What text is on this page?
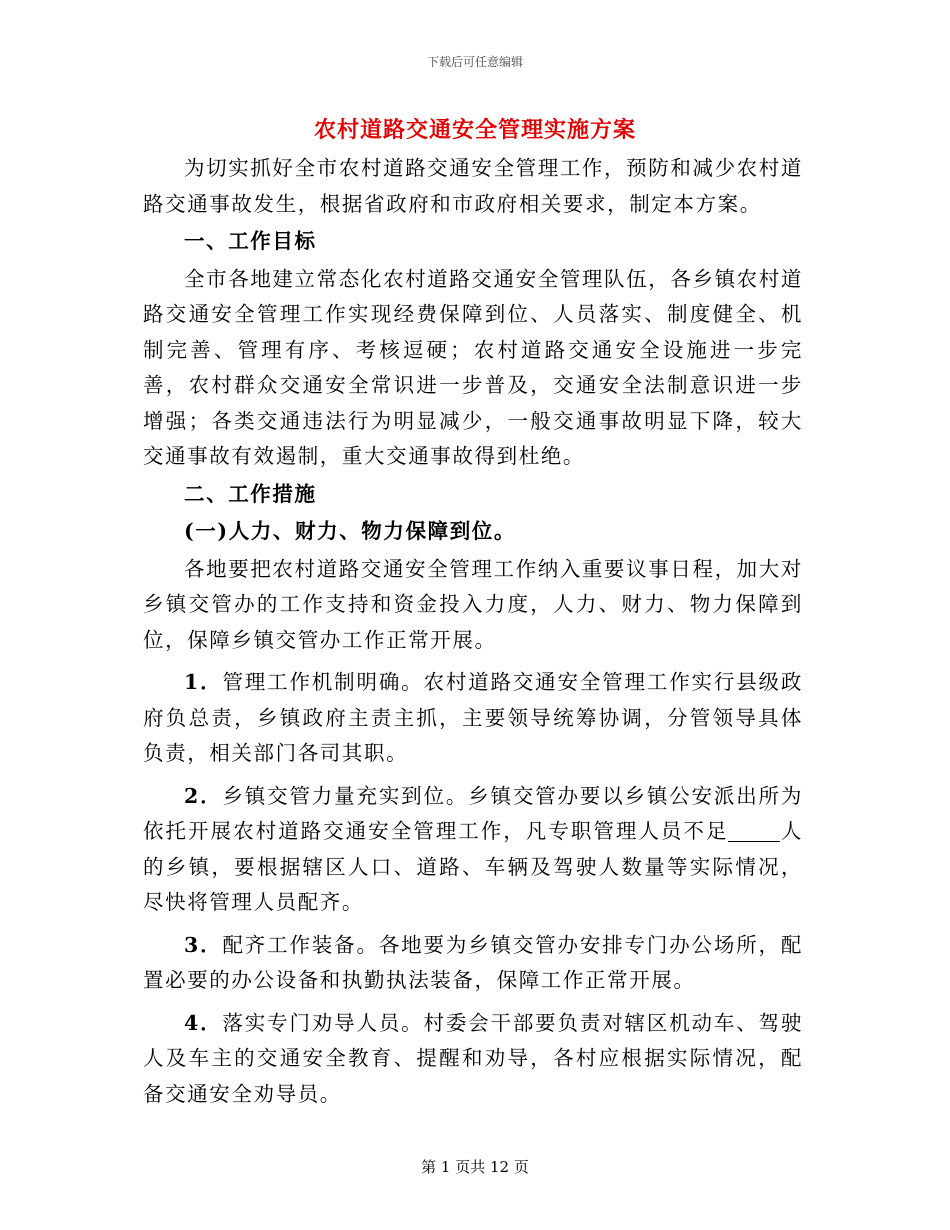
下载后可任意编辑
农村道路交通安全管理实施方案

为切实抓好全市农村道路交通安全管理工作，预防和减少农村道路交通事故发生，根据省政府和市政府相关要求，制定本方案。

一、工作目标

全市各地建立常态化农村道路交通安全管理队伍，各乡镇农村道路交通安全管理工作实现经费保障到位、人员落实、制度健全、机制完善、管理有序、考核逗硬；农村道路交通安全设施进一步完善，农村群众交通安全常识进一步普及，交通安全法制意识进一步增强；各类交通违法行为明显减少，一般交通事故明显下降，较大交通事故有效遏制，重大交通事故得到杜绝。

二、工作措施

(一)人力、财力、物力保障到位。

各地要把农村道路交通安全管理工作纳入重要议事日程，加大对乡镇交管办的工作支持和资金投入力度，人力、财力、物力保障到位，保障乡镇交管办工作正常开展。

1．管理工作机制明确。农村道路交通安全管理工作实行县级政府负总责，乡镇政府主责主抓，主要领导统筹协调，分管领导具体负责，相关部门各司其职。

2．乡镇交管力量充实到位。乡镇交管办要以乡镇公安派出所为依托开展农村道路交通安全管理工作，凡专职管理人员不足	人的乡镇，要根据辖区人口、道路、车辆及驾驶人数量等实际情况，尽快将管理人员配齐。

3．配齐工作装备。各地要为乡镇交管办安排专门办公场所，配置必要的办公设备和执勤执法装备，保障工作正常开展。

4．落实专门劝导人员。村委会干部要负责对辖区机动车、驾驶人及车主的交通安全教育、提醒和劝导，各村应根据实际情况，配备交通安全劝导员。

第 1 页共 12 页
